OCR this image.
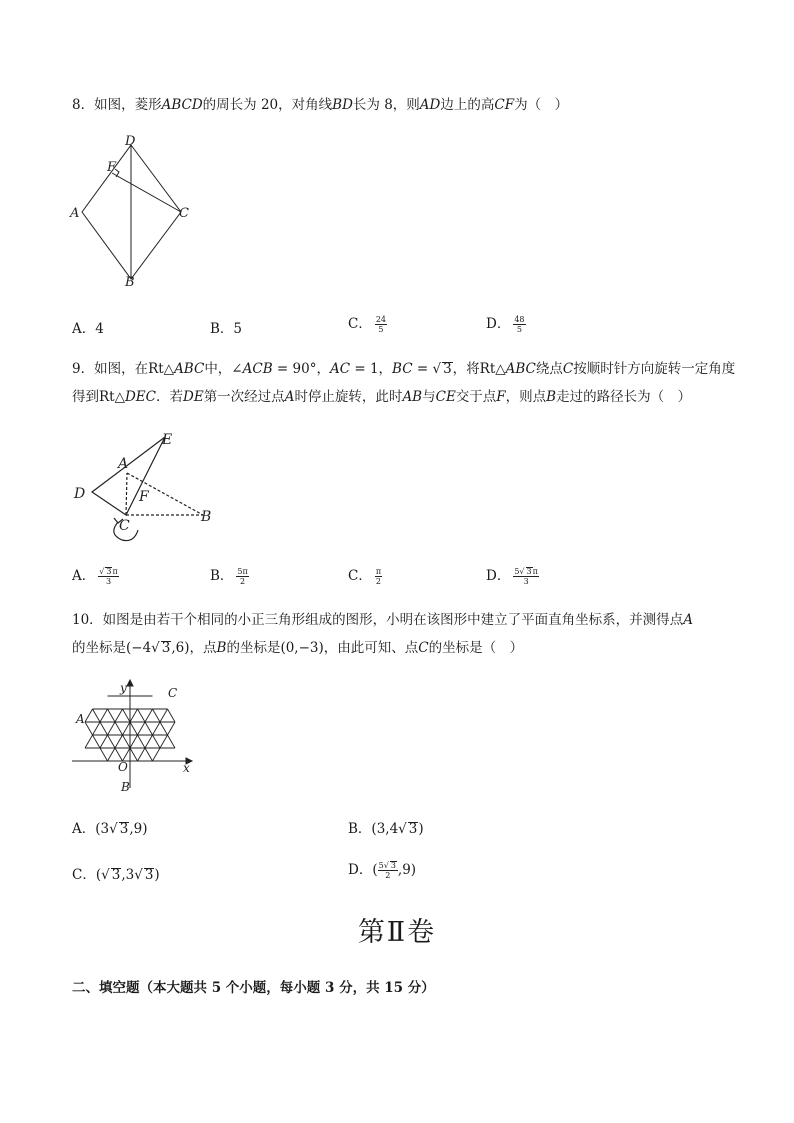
8．如图，菱形ABCD的周长为 20，对角线BD长为 8，则AD边上的高CF为（　）
D
F
A	C
B
A．4	B．5	C． $\frac{24}{5}$	D． $\frac{48}{5}$
9．如图，在Rt△ABC中，∠ACB = 90°，AC = 1，BC = √ 3，将Rt△ABC绕点C按顺时针方向旋转一定角度
得到Rt△DEC．若DE第一次经过点A时停止旋转，此时AB与CE交于点F，则点B走过的路径长为（　）
E
A
D	F
C
B
A． $\frac{√ 3\pi}{3}$	B． $\frac{5\pi}{2}$	C． $\frac{\pi}{2}$	D． $\frac{5√ 3\pi}{3}$
10．如图是由若干个相同的小正三角形组成的图形，小明在该图形中建立了平面直角坐标系，并测得点A
的坐标是(−4√ 3,6)，点B的坐标是(0,−3)，由此可知、点C的坐标是（　）
y	C
A
O	x
B
A．(3√ 3,9)	B．(3,4√ 3)
C．(√ 3,3√ 3)	D．( $\frac{5√ 3}{2} ,9$)
第Ⅱ卷
二、填空题（本大题共 5 个小题，每小题 3 分，共 15 分）
